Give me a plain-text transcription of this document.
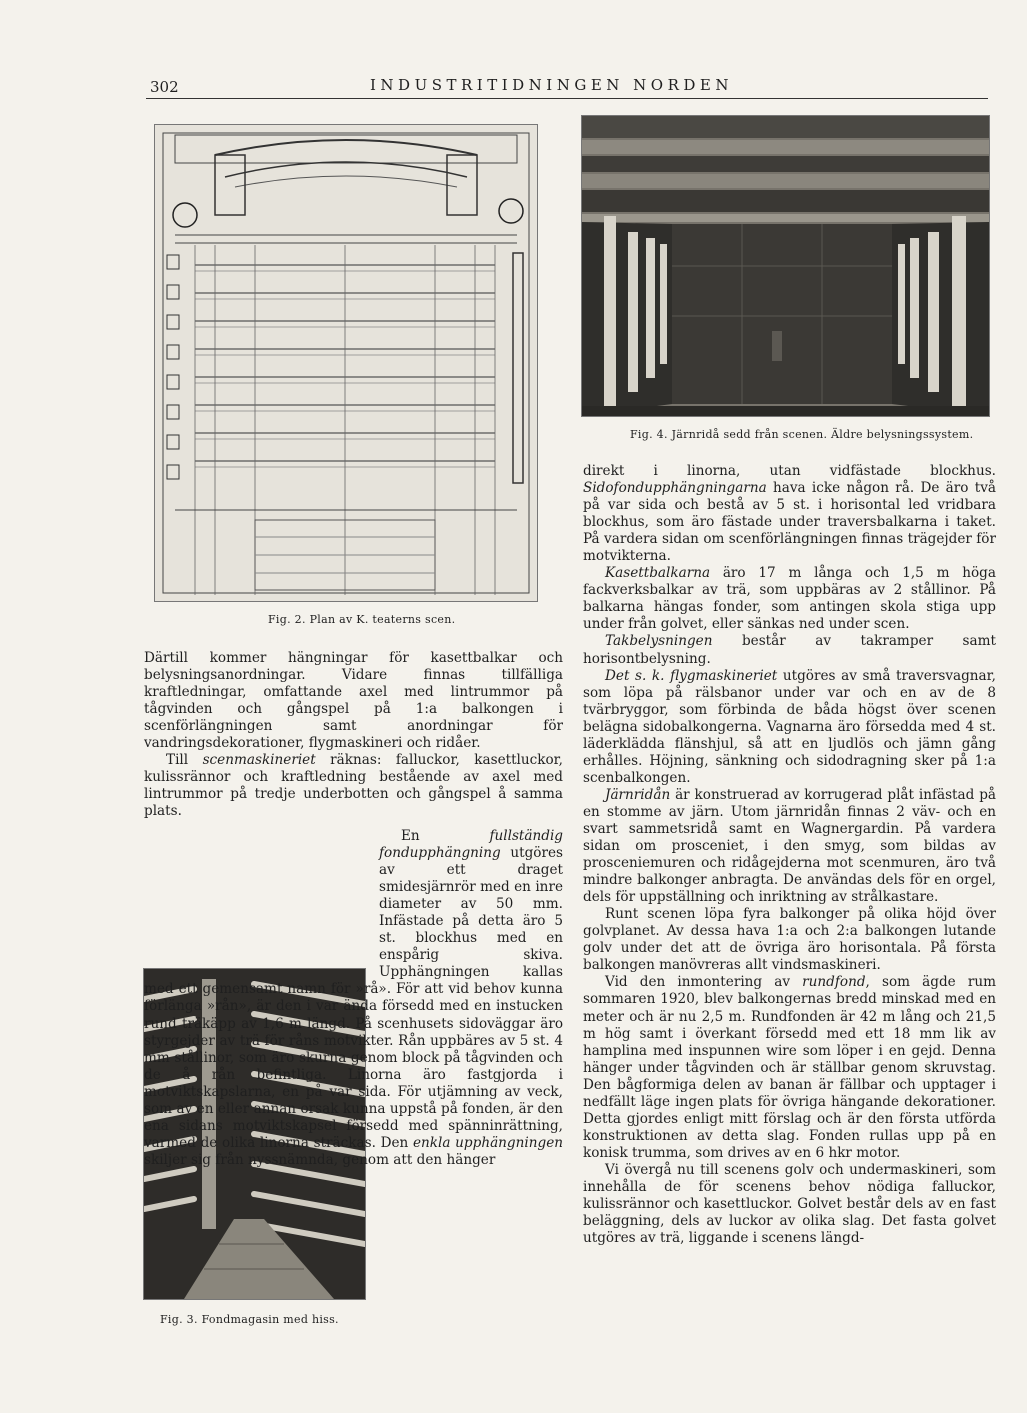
302	INDUSTRITIDNINGEN NORDEN
Fig. 2. Plan av K. teaterns scen.
Fig. 4. Järnridå sedd från scenen. Äldre belysningssystem.
Fig. 3. Fondmagasin med hiss.

Därtill kommer hängningar för kasettbalkar och belysningsanordningar. Vidare finnas tillfälliga kraftledningar, omfattande axel med lintrummor på tågvinden och gångspel på 1:a balkongen i scenförlängningen samt anordningar för vandringsdekorationer, flygmaskineri och ridåer.

Till scenmaskineriet räknas: falluckor, kasettluckor, kulissrännor och kraftledning bestående av axel med lintrummor på tredje underbotten och gångspel å samma plats.

En fullständig fondupphängning utgöres av ett draget smidesjärnrör med en inre diameter av 50 mm. Infästade på detta äro 5 st. blockhus med en enspårig skiva. Upphängningen kallas med ett gemensamt namn för »rå». För att vid behov kunna förlänga »rån», är den i var ända försedd med en instucken rund träkäpp av 1,6 m längd. På scenhusets sidoväggar äro styrgejder av trä för råns motvikter. Rån uppbäres av 5 st. 4 mm stållinor, som äro skurna genom block på tågvinden och de å rån befintliga. Linorna äro fastgjorda i motviktskapslarna, en på var sida. För utjämning av veck, som av en eller annan orsak kunna uppstå på fonden, är den ena sidans motviktskapsel försedd med spänninrättning, varmed de olika linorna sträckas. Den enkla upphängningen skiljer sig från nyssnämnda, genom att den hänger

direkt i linorna, utan vidfästade blockhus. Sidofondupphängningarna hava icke någon rå. De äro två på var sida och bestå av 5 st. i horisontal led vridbara blockhus, som äro fästade under traversbalkarna i taket. På vardera sidan om scenförlängningen finnas trägejder för motvikterna.

Kasettbalkarna äro 17 m långa och 1,5 m höga fackverksbalkar av trä, som uppbäras av 2 stållinor. På balkarna hängas fonder, som antingen skola stiga upp under från golvet, eller sänkas ned under scen.

Takbelysningen består av takramper samt horisontbelysning.

Det s. k. flygmaskineriet utgöres av små traversvagnar, som löpa på rälsbanor under var och en av de 8 tvärbryggor, som förbinda de båda högst över scenen belägna sidobalkongerna. Vagnarna äro försedda med 4 st. läderklädda flänshjul, så att en ljudlös och jämn gång erhålles. Höjning, sänkning och sidodragning sker på 1:a scenbalkongen.

Järnridån är konstruerad av korrugerad plåt infästad på en stomme av järn. Utom järnridån finnas 2 väv- och en svart sammetsridå samt en Wagnergardin. På vardera sidan om prosceniet, i den smyg, som bildas av prosceniemuren och ridågejderna mot scenmuren, äro två mindre balkonger anbragta. De användas dels för en orgel, dels för uppställning och inriktning av strålkastare.

Runt scenen löpa fyra balkonger på olika höjd över golvplanet. Av dessa hava 1:a och 2:a balkongen lutande golv under det att de övriga äro horisontala. På första balkongen manövreras allt vindsmaskineri.

Vid den inmontering av rundfond, som ägde rum sommaren 1920, blev balkongernas bredd minskad med en meter och är nu 2,5 m. Rundfonden är 42 m lång och 21,5 m hög samt i överkant försedd med ett 18 mm lik av hamplina med inspunnen wire som löper i en gejd. Denna hänger under tågvinden och är ställbar genom skruvstag. Den bågformiga delen av banan är fällbar och upptager i nedfällt läge ingen plats för övriga hängande dekorationer. Detta gjordes enligt mitt förslag och är den första utförda konstruktionen av detta slag. Fonden rullas upp på en konisk trumma, som drives av en 6 hkr motor.

Vi övergå nu till scenens golv och undermaskineri, som innehålla de för scenens behov nödiga falluckor, kulissrännor och kasettluckor. Golvet består dels av en fast beläggning, dels av luckor av olika slag. Det fasta golvet utgöres av trä, liggande i scenens längd-
